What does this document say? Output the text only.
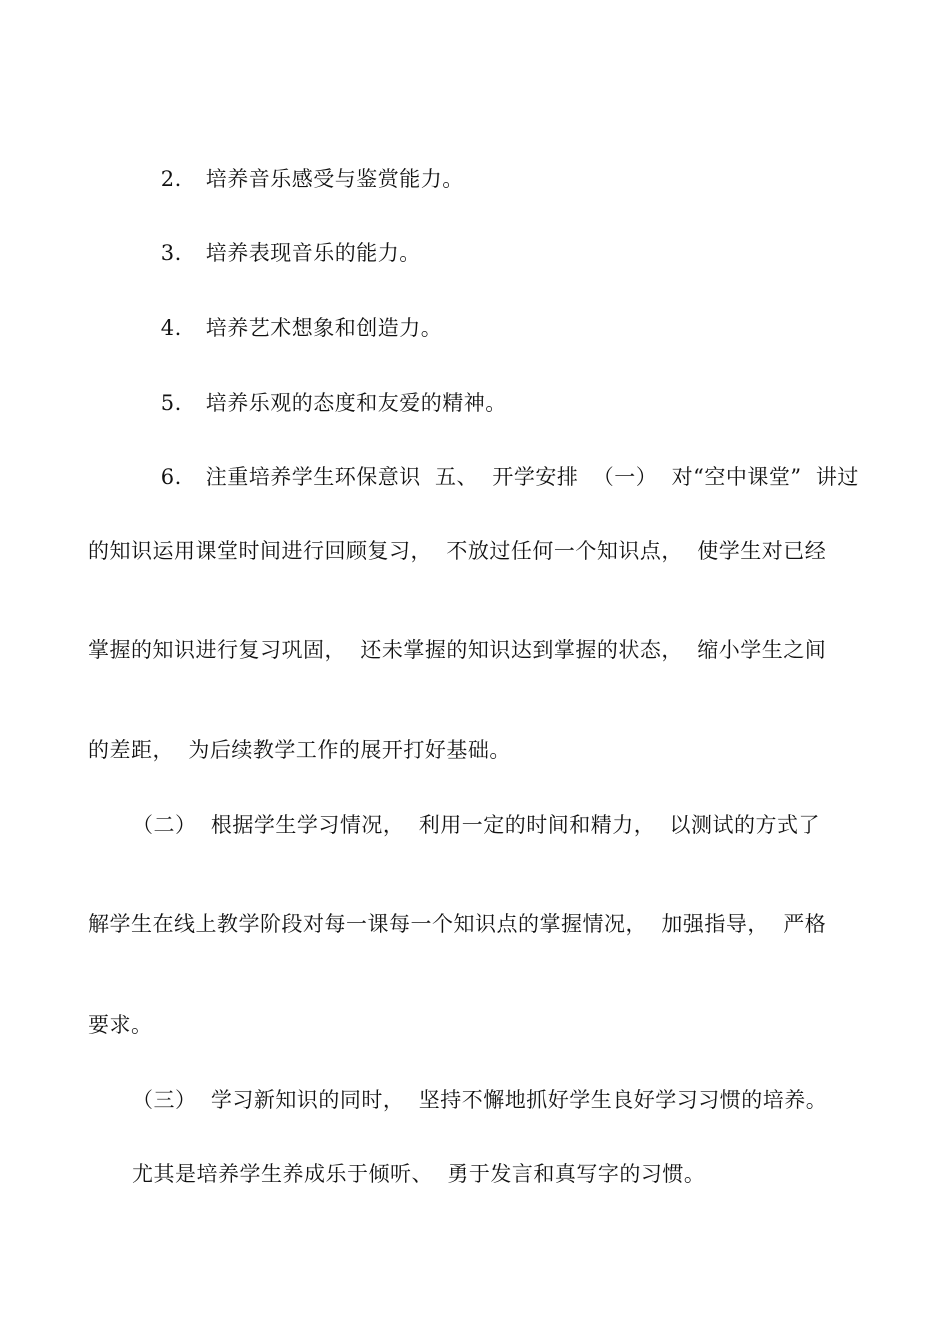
2. 培养音乐感受与鉴赏能力。

3. 培养表现音乐的能力。

4. 培养艺术想象和创造力。

5. 培养乐观的态度和友爱的精神。

6. 注重培养学生环保意识  五、  开学安排  （一）  对“空中课堂”  讲过

的知识运用课堂时间进行回顾复习，  不放过任何一个知识点，  使学生对已经
掌握的知识进行复习巩固，  还未掌握的知识达到掌握的状态，  缩小学生之间
的差距，  为后续教学工作的展开打好基础。
（二）  根据学生学习情况，  利用一定的时间和精力，  以测试的方式了
解学生在线上教学阶段对每一课每一个知识点的掌握情况，  加强指导，  严格
要求。
（三）  学习新知识的同时，  坚持不懈地抓好学生良好学习习惯的培养。
尤其是培养学生养成乐于倾听、  勇于发言和真写字的习惯。
